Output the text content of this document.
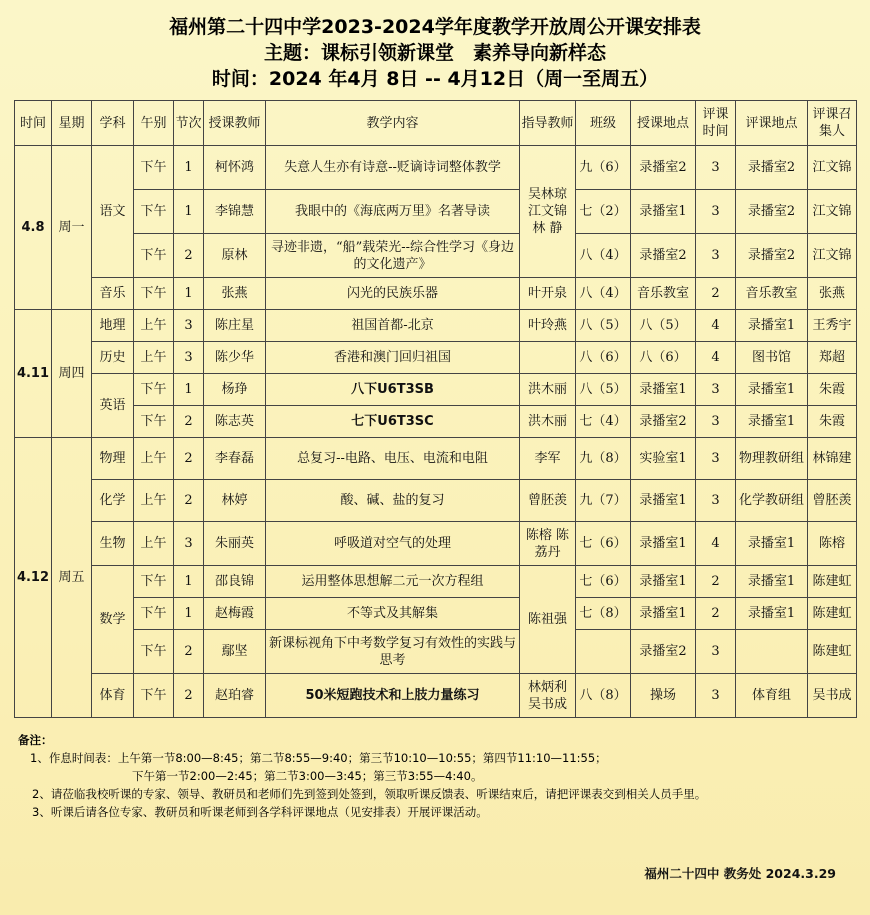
福州第二十四中学2023-2024学年度教学开放周公开课安排表
主题：课标引领新课堂　素养导向新样态
时间：2024 年4月 8日 -- 4月12日（周一至周五）
时间	星期	学科	午别	节次	授课教师	教学内容	指导教师	班级	授课地点	评课时间	评课地点	评课召集人
4.8	周一	语文	下午	1	柯怀鸿	失意人生亦有诗意--贬谪诗词整体教学	吴林琼 江文锦 林 静	九（6）	录播室2	3	录播室2	江文锦
			下午	1	李锦慧	我眼中的《海底两万里》名著导读		七（2）	录播室1	3	录播室2	江文锦
			下午	2	原林	寻迹非遗，“船”载荣光--综合性学习《身边的文化遗产》		八（4）	录播室2	3	录播室2	江文锦
		音乐	下午	1	张燕	闪光的民族乐器	叶开泉	八（4）	音乐教室	2	音乐教室	张燕
4.11	周四	地理	上午	3	陈庄星	祖国首都-北京	叶玲燕	八（5）	八（5）	4	录播室1	王秀宇
		历史	上午	3	陈少华	香港和澳门回归祖国		八（6）	八（6）	4	图书馆	郑超
		英语	下午	1	杨琤	八下U6T3SB	洪木丽	八（5）	录播室1	3	录播室1	朱霞
			下午	2	陈志英	七下U6T3SC	洪木丽	七（4）	录播室2	3	录播室1	朱霞
4.12	周五	物理	上午	2	李春磊	总复习--电路、电压、电流和电阻	李军	九（8）	实验室1	3	物理教研组	林锦建
		化学	上午	2	林婷	酸、碱、盐的复习	曾胚羡	九（7）	录播室1	3	化学教研组	曾胚羡
		生物	上午	3	朱丽英	呼吸道对空气的处理	陈榕 陈荔丹	七（6）	录播室1	4	录播室1	陈榕
		数学	下午	1	邵良锦	运用整体思想解二元一次方程组	陈祖强	七（6）	录播室1	2	录播室1	陈建虹
			下午	1	赵梅霞	不等式及其解集		七（8）	录播室1	2	录播室1	陈建虹
			下午	2	鄢坚	新课标视角下中考数学复习有效性的实践与思考			录播室2	3		陈建虹
		体育	下午	2	赵珀睿	50米短跑技术和上肢力量练习	林炳利 吴书成	八（8）	操场	3	体育组	吴书成
备注：
1、作息时间表：上午第一节8:00—8:45；第二节8:55—9:40；第三节10:10—10:55；第四节11:10—11:55；
下午第一节2:00—2:45；第二节3:00—3:45；第三节3:55—4:40。
2、请莅临我校听课的专家、领导、教研员和老师们先到签到处签到，领取听课反馈表、听课结束后，请把评课表交到相关人员手里。
3、听课后请各位专家、教研员和听课老师到各学科评课地点（见安排表）开展评课活动。
福州二十四中 教务处 2024.3.29
